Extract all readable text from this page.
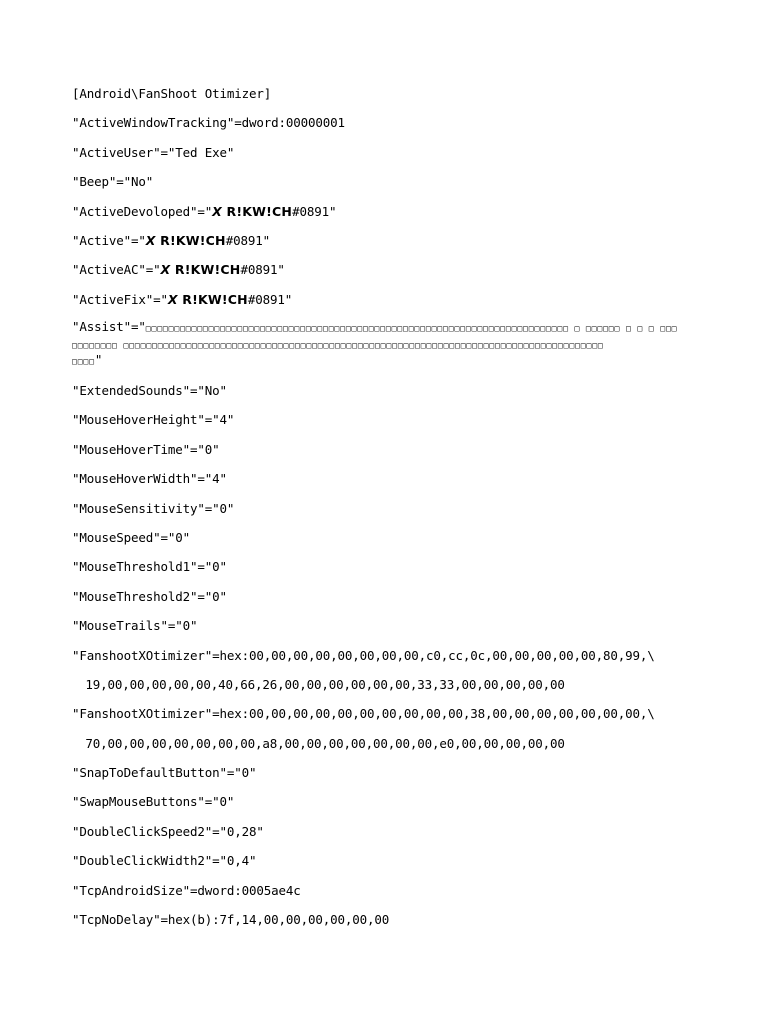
[Android\FanShoot Otimizer]
"ActiveWindowTracking"=dword:00000001
"ActiveUser"="Ted Exe"
"Beep"="No"
"ActiveDevoloped"="X R!KW!CH#0891"
"Active"="X R!KW!CH#0891"
"ActiveAC"="X R!KW!CH#0891"
"ActiveFix"="X R!KW!CH#0891"
"Assist"="□□□□□□□□□□□□□□□□□□□□□□□□□□□□□□□□□□□□□□□□□□□□□□□□□□□□□□□□□□□□□□□□□□□□□□□□□□ □ □□□□□□ □ □ □ □□□
□□□□□□□□ □□□□□□□□□□□□□□□□□□□□□□□□□□□□□□□□□□□□□□□□□□□□□□□□□□□□□□□□□□□□□□□□□□□□□□□□□□□□□□□□□□□□
□□□□"
"ExtendedSounds"="No"
"MouseHoverHeight"="4"
"MouseHoverTime"="0"
"MouseHoverWidth"="4"
"MouseSensitivity"="0"
"MouseSpeed"="0"
"MouseThreshold1"="0"
"MouseThreshold2"="0"
"MouseTrails"="0"
"FanshootXOtimizer"=hex:00,00,00,00,00,00,00,00,c0,cc,0c,00,00,00,00,00,80,99,\
19,00,00,00,00,00,40,66,26,00,00,00,00,00,00,33,33,00,00,00,00,00
"FanshootXOtimizer"=hex:00,00,00,00,00,00,00,00,00,00,38,00,00,00,00,00,00,00,\
70,00,00,00,00,00,00,00,a8,00,00,00,00,00,00,00,e0,00,00,00,00,00
"SnapToDefaultButton"="0"
"SwapMouseButtons"="0"
"DoubleClickSpeed2"="0,28"
"DoubleClickWidth2"="0,4"
"TcpAndroidSize"=dword:0005ae4c
"TcpNoDelay"=hex(b):7f,14,00,00,00,00,00,00
